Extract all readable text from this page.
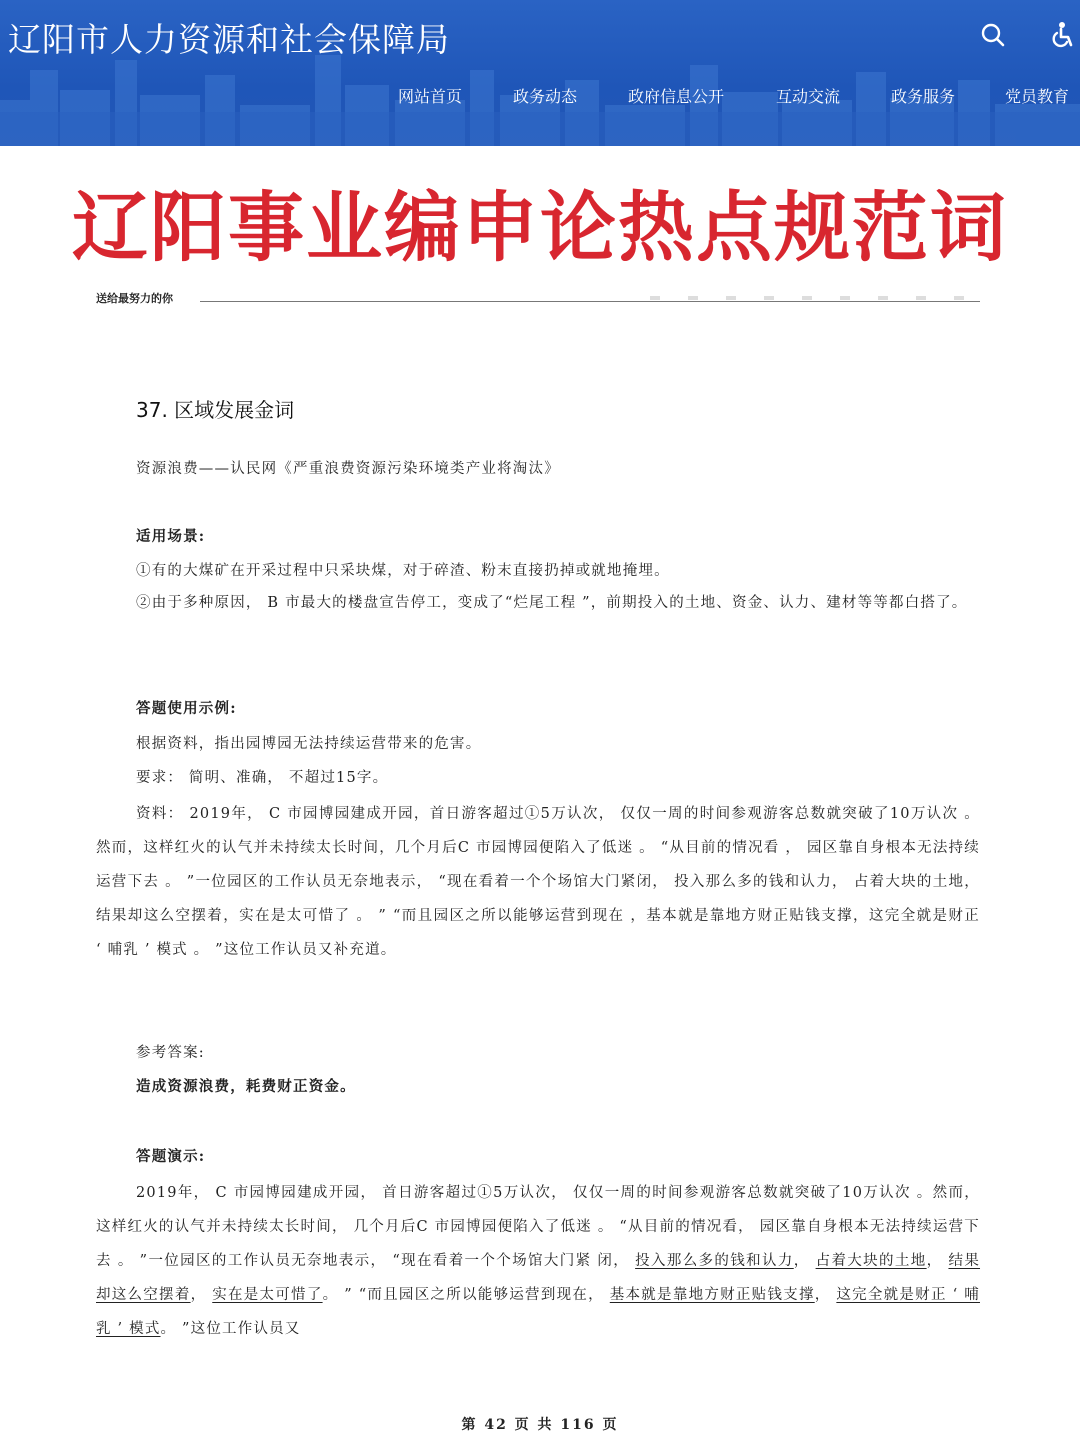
辽阳市人力资源和社会保障局
网站首页	政务动态	政府信息公开	互动交流	政务服务	党员教育
辽阳事业编申论热点规范词
送给最努力的你
37. 区域发展金词
资源浪费——认民网《严重浪费资源污染环境类产业将淘汰》
适用场景:
①有的大煤矿在开采过程中只采块煤，对于碎渣、粉末直接扔掉或就地掩埋。
②由于多种原因， B 市最大的楼盘宣告停工，变成了“烂尾工程 ”，前期投入的土地、资金、认力、建材等等都白搭了。
答题使用示例:
根据资料，指出园博园无法持续运营带来的危害。
要求： 简明、准确， 不超过15字。
资料： 2019年， C 市园博园建成开园，首日游客超过①5万认次， 仅仅一周的时间参观游客总数就突破了10万认次 。然而，这样红火的认气并未持续太长时间，几个月后C 市园博园便陷入了低迷 。 “从目前的情况看 ， 园区靠自身根本无法持续运营下去 。 ”一位园区的工作认员无奈地表示， “现在看着一个个场馆大门紧闭， 投入那么多的钱和认力， 占着大块的土地，结果却这么空摆着，实在是太可惜了 。 ” “而且园区之所以能够运营到现在 ，基本就是靠地方财正贴钱支撑，这完全就是财正 ‘ 哺乳 ’ 模式 。 ”这位工作认员又补充道。
参考答案:
造成资源浪费，耗费财正资金。
答题演示:
2019年， C 市园博园建成开园， 首日游客超过①5万认次， 仅仅一周的时间参观游客总数就突破了10万认次 。然而， 这样红火的认气并未持续太长时间， 几个月后C 市园博园便陷入了低迷 。 “从目前的情况看， 园区靠自身根本无法持续运营下去 。 ”一位园区的工作认员无奈地表示， “现在看着一个个场馆大门紧 闭， 投入那么多的钱和认力， 占着大块的土地， 结果却这么空摆着， 实在是太可惜了。 ” “而且园区之所以能够运营到现在， 基本就是靠地方财正贴钱支撑， 这完全就是财正 ‘ 哺 乳 ’ 模式。 ”这位工作认员又
第 42 页 共 116 页
